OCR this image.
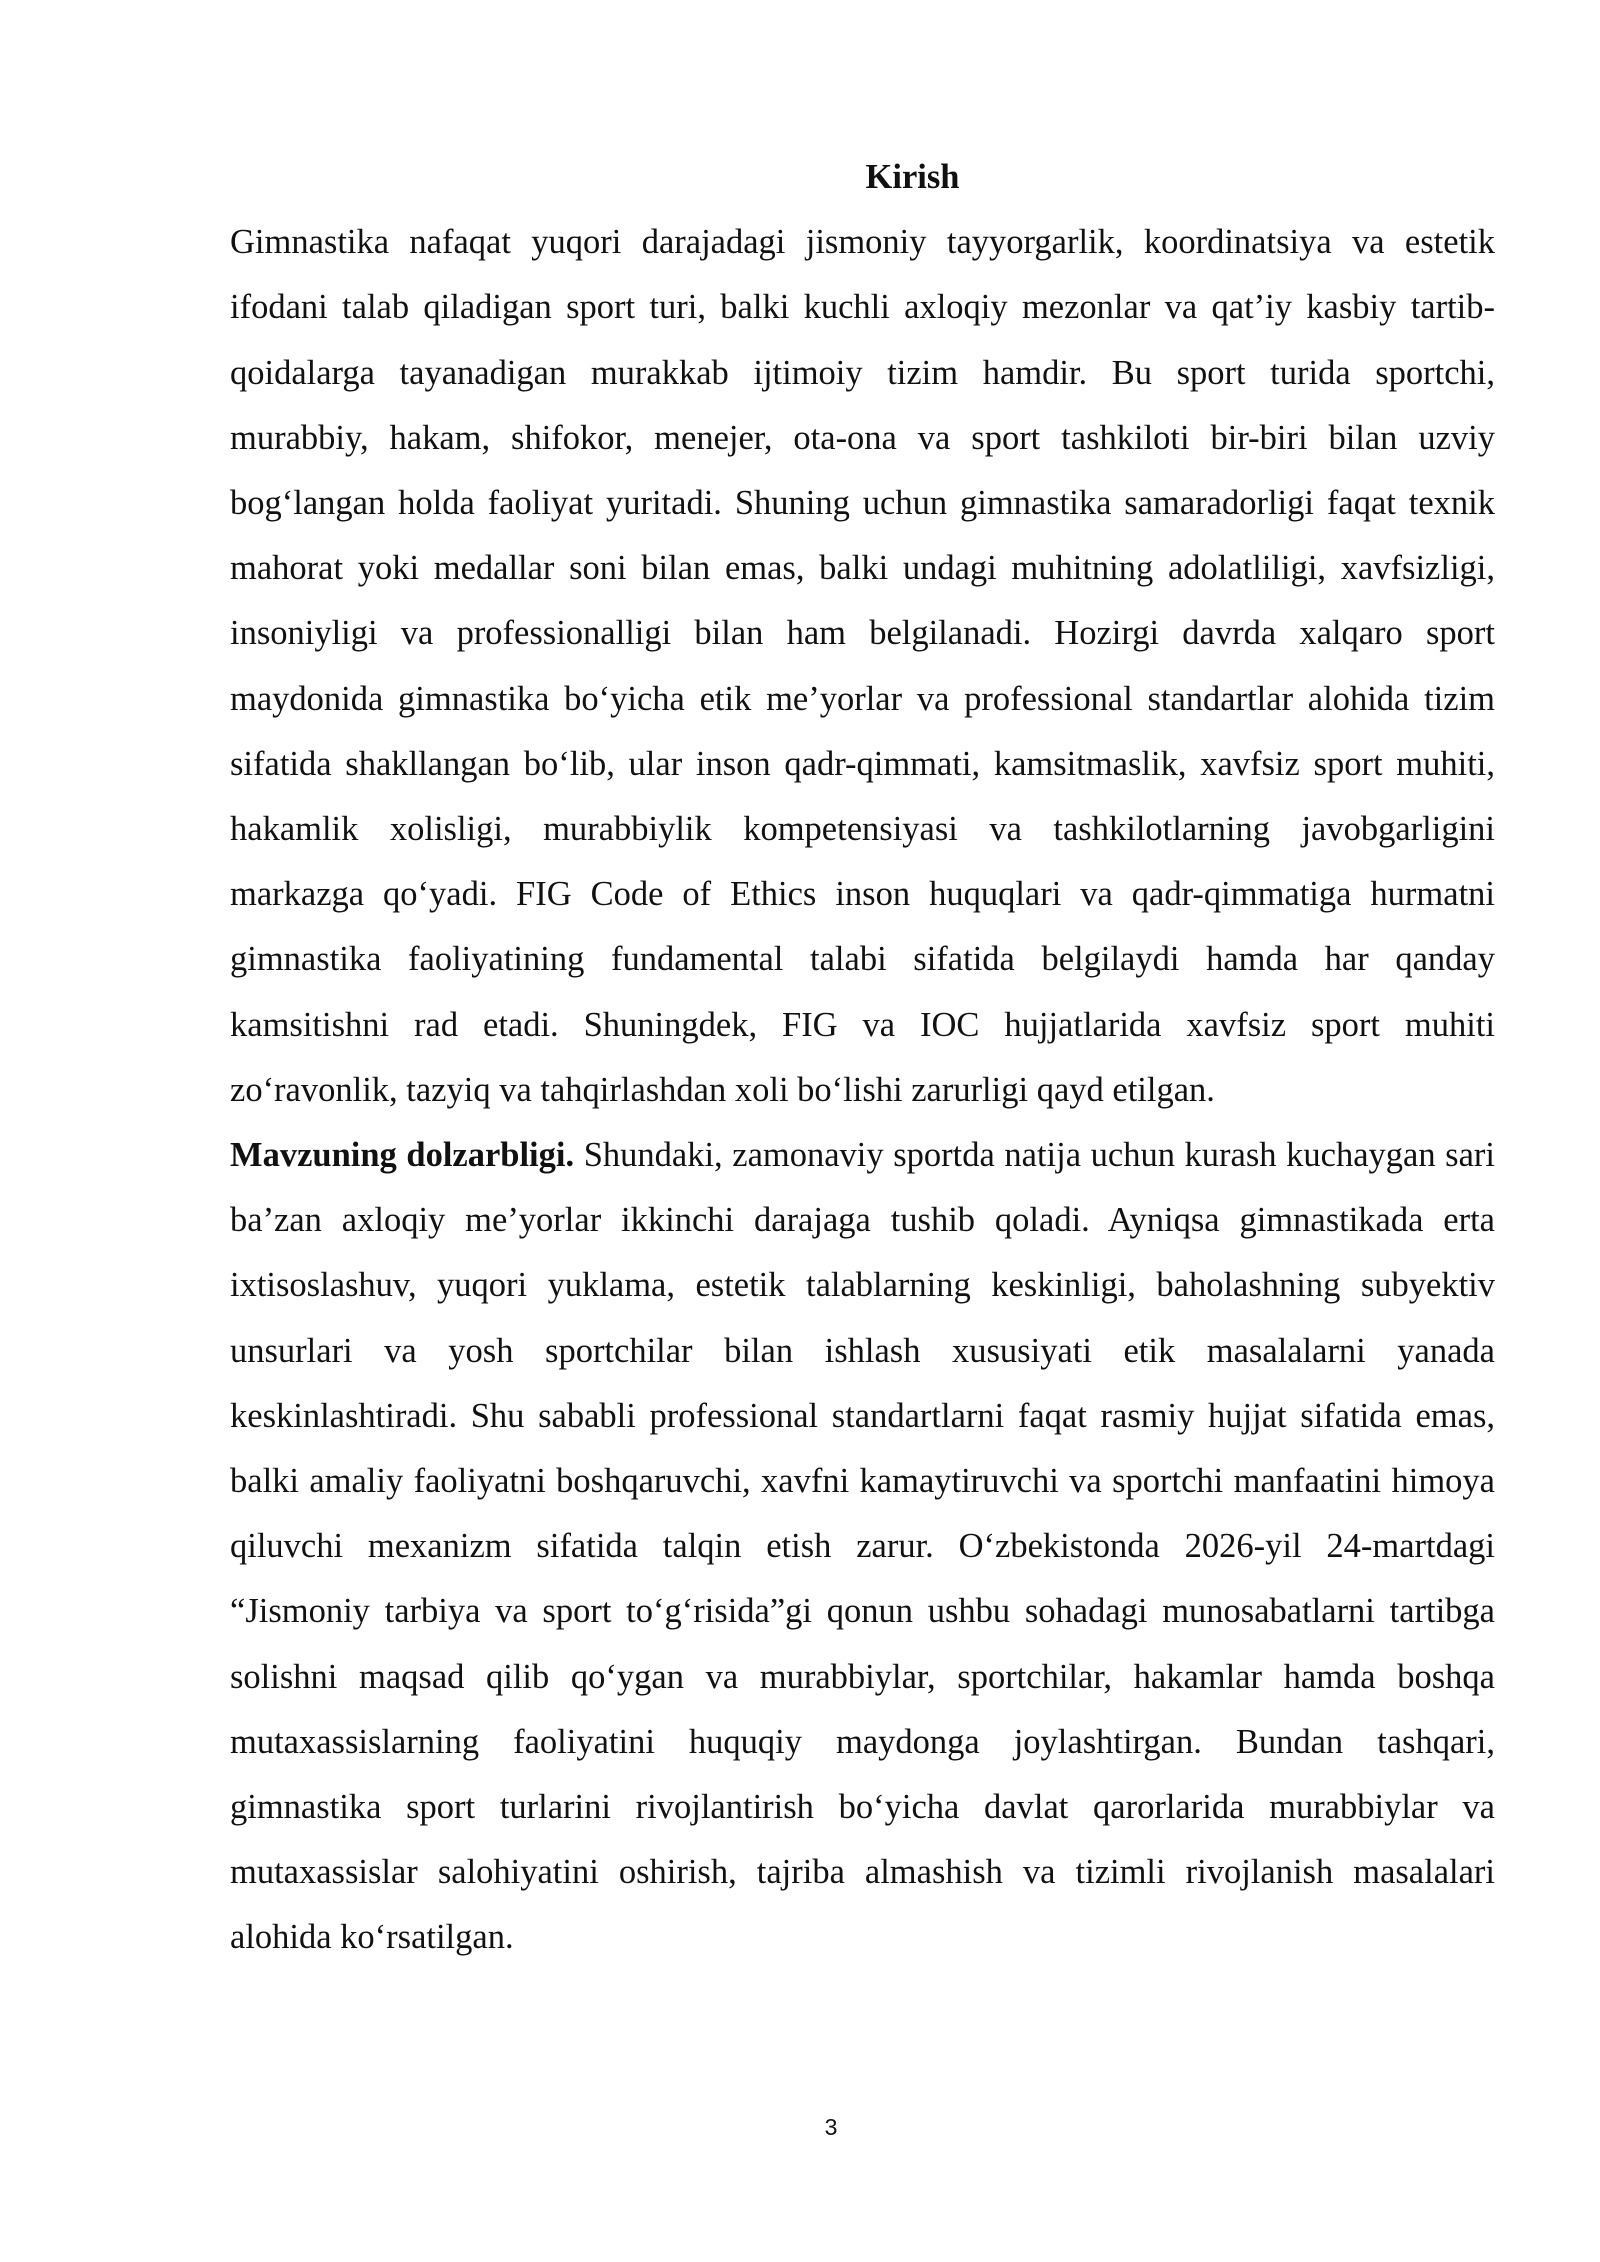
Kirish

Gimnastika nafaqat yuqori darajadagi jismoniy tayyorgarlik, koordinatsiya va estetik ifodani talab qiladigan sport turi, balki kuchli axloqiy mezonlar va qat’iy kasbiy tartib-qoidalarga tayanadigan murakkab ijtimoiy tizim hamdir. Bu sport turida sportchi, murabbiy, hakam, shifokor, menejer, ota-ona va sport tashkiloti bir-biri bilan uzviy bog‘langan holda faoliyat yuritadi. Shuning uchun gimnastika samaradorligi faqat texnik mahorat yoki medallar soni bilan emas, balki undagi muhitning adolatliligi, xavfsizligi, insoniyligi va professionalligi bilan ham belgilanadi. Hozirgi davrda xalqaro sport maydonida gimnastika bo‘yicha etik me’yorlar va professional standartlar alohida tizim sifatida shakllangan bo‘lib, ular inson qadr-qimmati, kamsitmaslik, xavfsiz sport muhiti, hakamlik xolisligi, murabbiylik kompetensiyasi va tashkilotlarning javobgarligini markazga qo‘yadi. FIG Code of Ethics inson huquqlari va qadr-qimmatiga hurmatni gimnastika faoliyatining fundamental talabi sifatida belgilaydi hamda har qanday kamsitishni rad etadi. Shuningdek, FIG va IOC hujjatlarida xavfsiz sport muhiti zo‘ravonlik, tazyiq va tahqirlashdan xoli bo‘lishi zarurligi qayd etilgan.

Mavzuning dolzarbligi. Shundaki, zamonaviy sportda natija uchun kurash kuchaygan sari ba’zan axloqiy me’yorlar ikkinchi darajaga tushib qoladi. Ayniqsa gimnastikada erta ixtisoslashuv, yuqori yuklama, estetik talablarning keskinligi, baholashning subyektiv unsurlari va yosh sportchilar bilan ishlash xususiyati etik masalalarni yanada keskinlashtiradi. Shu sababli professional standartlarni faqat rasmiy hujjat sifatida emas, balki amaliy faoliyatni boshqaruvchi, xavfni kamaytiruvchi va sportchi manfaatini himoya qiluvchi mexanizm sifatida talqin etish zarur. O‘zbekistonda 2026-yil 24-martdagi “Jismoniy tarbiya va sport to‘g‘risida”gi qonun ushbu sohadagi munosabatlarni tartibga solishni maqsad qilib qo‘ygan va murabbiylar, sportchilar, hakamlar hamda boshqa mutaxassislarning faoliyatini huquqiy maydonga joylashtirgan. Bundan tashqari, gimnastika sport turlarini rivojlantirish bo‘yicha davlat qarorlarida murabbiylar va mutaxassislar salohiyatini oshirish, tajriba almashish va tizimli rivojlanish masalalari alohida ko‘rsatilgan.

3
